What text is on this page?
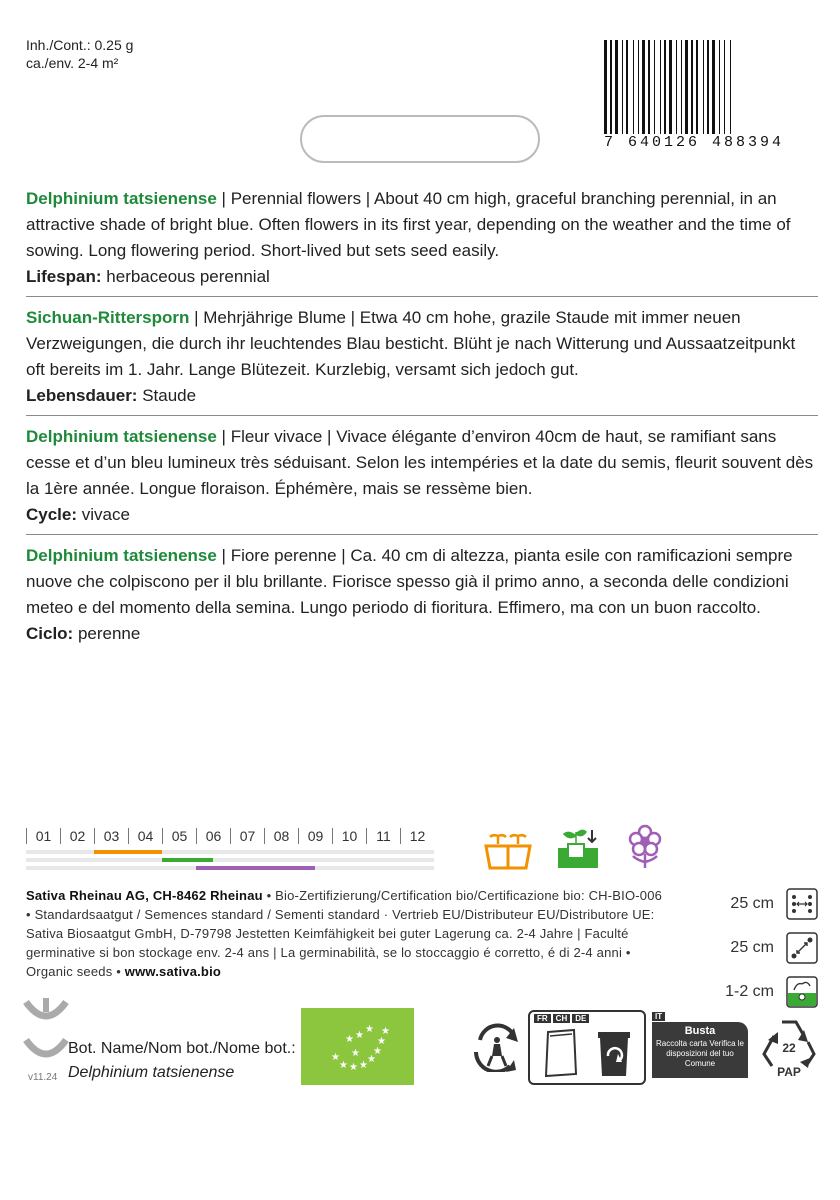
Inh./Cont.: 0.25 g
ca./env. 2-4 m²
7 640126 488394
Delphinium tatsienense | Perennial flowers | About 40 cm high, graceful branching perennial, in an attractive shade of bright blue. Often flowers in its first year, depending on the weather and the time of sowing. Long flowering period. Short-lived but sets seed easily.
Lifespan: herbaceous perennial
Sichuan-Rittersporn | Mehrjährige Blume | Etwa 40 cm hohe, grazile Staude mit immer neuen Verzweigungen, die durch ihr leuchtendes Blau besticht. Blüht je nach Witterung und Aussaatzeitpunkt oft bereits im 1. Jahr. Lange Blütezeit. Kurzlebig, versamt sich jedoch gut.
Lebensdauer: Staude
Delphinium tatsienense | Fleur vivace | Vivace élégante d’environ 40cm de haut, se ramifiant sans cesse et d’un bleu lumineux très séduisant. Selon les intempéries et la date du semis, fleurit souvent dès la 1ère année. Longue floraison. Éphémère, mais se ressème bien.
Cycle: vivace
Delphinium tatsienense | Fiore perenne | Ca. 40 cm di altezza, pianta esile con ramificazioni sempre nuove che colpiscono per il blu brillante. Fiorisce spesso già il primo anno, a seconda delle condizioni meteo e del momento della semina. Lungo periodo di fioritura. Effimero, ma con un buon raccolto.
Ciclo: perenne
01	02	03	04	05	06	07	08	09	10	11	12
Sativa Rheinau AG, CH-8462 Rheinau • Bio-Zertifizierung/Certification bio/Certificazione bio: CH-BIO-006 • Standardsaatgut / Semences standard / Sementi standard · Vertrieb EU/Distributeur EU/Distributore UE: Sativa Biosaatgut GmbH, D-79798 Jestetten Keimfähigkeit bei guter Lagerung ca. 2-4 Jahre | Faculté germinative si bon stockage env. 2-4 ans | La germinabilità, se lo stoccaggio é corretto, é di 2-4 anni • Organic seeds • www.sativa.bio
25 cm
25 cm
1-2 cm
Bot. Name/Nom bot./Nome bot.:
Delphinium tatsienense
v11.24
★
★ ★ ★
★
★
★
★
★ ★
★
★
FR	CH	DE	IT
Busta
Raccolta carta Verifica le disposizioni del tuo Comune
22
PAP
